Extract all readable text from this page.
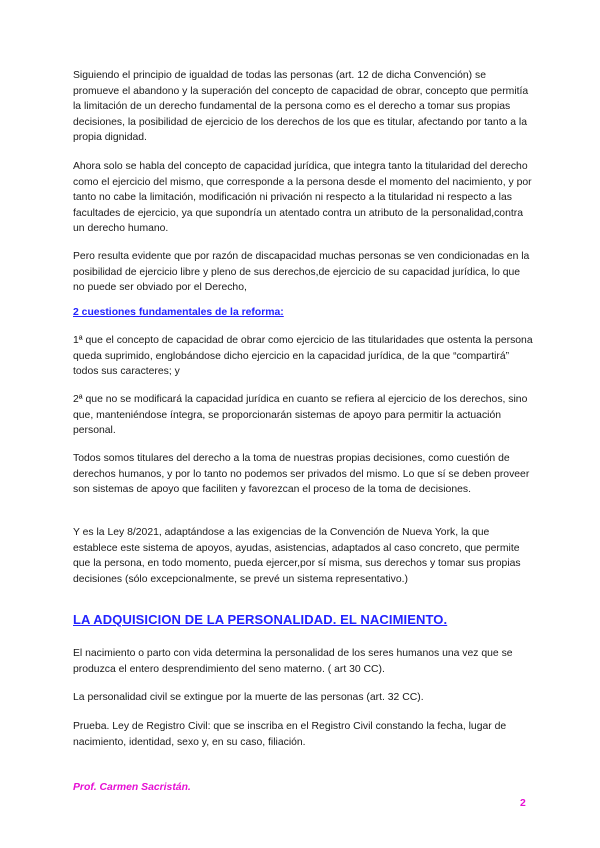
Siguiendo el principio de igualdad de todas las personas (art. 12 de dicha Convención) se promueve el abandono y la superación del concepto de capacidad de obrar, concepto que permitía la limitación de un derecho fundamental de la persona como es el derecho a tomar sus propias decisiones, la posibilidad de ejercicio de los derechos de los que es titular, afectando por tanto a la propia dignidad.

Ahora solo se habla del concepto de capacidad jurídica, que integra tanto la titularidad del derecho como el ejercicio del mismo, que corresponde a la persona desde el momento del nacimiento, y por tanto no cabe la limitación, modificación ni privación ni respecto a la titularidad ni respecto a las facultades de ejercicio, ya que supondría un atentado contra un atributo de la personalidad,contra un derecho humano.

Pero resulta evidente que por razón de discapacidad muchas personas se ven condicionadas en la posibilidad de ejercicio libre y pleno de sus derechos,de ejercicio de su capacidad jurídica, lo que no puede ser obviado por el Derecho,

2 cuestiones fundamentales de la reforma:

1ª que el concepto de capacidad de obrar como ejercicio de las titularidades que ostenta la persona queda suprimido, englobándose dicho ejercicio en la capacidad jurídica, de la que “compartirá” todos sus caracteres; y

2ª que no se modificará la capacidad jurídica en cuanto se refiera al ejercicio de los derechos, sino que, manteniéndose íntegra, se proporcionarán sistemas de apoyo para permitir la actuación personal.

Todos somos titulares del derecho a la toma de nuestras propias decisiones, como cuestión de derechos humanos, y por lo tanto no podemos ser privados del mismo. Lo que sí se deben proveer son sistemas de apoyo que faciliten y favorezcan el proceso de la toma de decisiones.

Y es la Ley 8/2021, adaptándose a las exigencias de la Convención de Nueva York, la que establece este sistema de apoyos, ayudas, asistencias, adaptados al caso concreto, que permite que la persona, en todo momento, pueda ejercer,por sí misma, sus derechos y tomar sus propias decisiones (sólo excepcionalmente, se prevé un sistema representativo.)

LA ADQUISICION DE LA PERSONALIDAD. EL NACIMIENTO.

El nacimiento o parto con vida determina la personalidad de los seres humanos una vez que se produzca el entero desprendimiento del seno materno. ( art 30 CC).

La personalidad civil se extingue por la muerte de las personas (art. 32 CC).

Prueba. Ley de Registro Civil: que se inscriba en el Registro Civil constando la fecha, lugar de nacimiento, identidad, sexo y, en su caso, filiación.

Prof. Carmen Sacristán.

2
